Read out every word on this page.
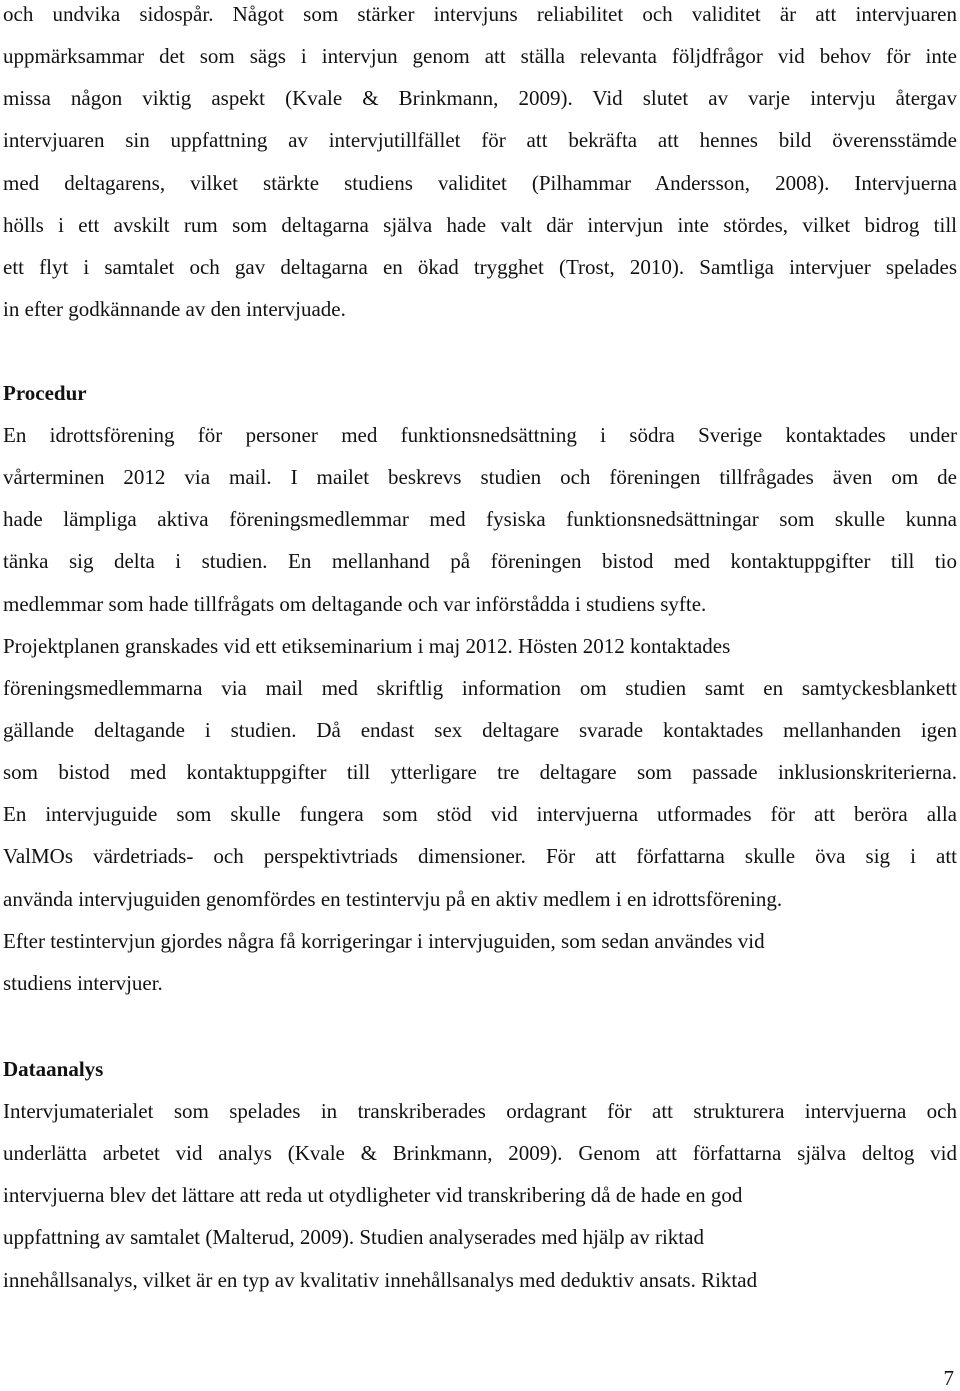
och undvika sidospår. Något som stärker intervjuns reliabilitet och validitet är att intervjuaren
uppmärksammar det som sägs i intervjun genom att ställa relevanta följdfrågor vid behov för inte
missa någon viktig aspekt (Kvale & Brinkmann, 2009). Vid slutet av varje intervju återgav
intervjuaren sin uppfattning av intervjutillfället för att bekräfta att hennes bild överensstämde
med deltagarens, vilket stärkte studiens validitet (Pilhammar Andersson, 2008). Intervjuerna
hölls i ett avskilt rum som deltagarna själva hade valt där intervjun inte stördes, vilket bidrog till
ett flyt i samtalet och gav deltagarna en ökad trygghet (Trost, 2010). Samtliga intervjuer spelades
in efter godkännande av den intervjuade.
Procedur
En idrottsförening för personer med funktionsnedsättning i södra Sverige kontaktades under
vårterminen 2012 via mail. I mailet beskrevs studien och föreningen tillfrågades även om de
hade lämpliga aktiva föreningsmedlemmar med fysiska funktionsnedsättningar som skulle kunna
tänka sig delta i studien. En mellanhand på föreningen bistod med kontaktuppgifter till tio
medlemmar som hade tillfrågats om deltagande och var införstådda i studiens syfte.
Projektplanen granskades vid ett etikseminarium i maj 2012. Hösten 2012 kontaktades
föreningsmedlemmarna via mail med skriftlig information om studien samt en samtyckesblankett
gällande deltagande i studien. Då endast sex deltagare svarade kontaktades mellanhanden igen
som bistod med kontaktuppgifter till ytterligare tre deltagare som passade inklusionskriterierna.
En intervjuguide som skulle fungera som stöd vid intervjuerna utformades för att beröra alla
ValMOs värdetriads- och perspektivtriads dimensioner. För att författarna skulle öva sig i att
använda intervjuguiden genomfördes en testintervju på en aktiv medlem i en idrottsförening.
Efter testintervjun gjordes några få korrigeringar i intervjuguiden, som sedan användes vid
studiens intervjuer.
Dataanalys
Intervjumaterialet som spelades in transkriberades ordagrant för att strukturera intervjuerna och
underlätta arbetet vid analys (Kvale & Brinkmann, 2009). Genom att författarna själva deltog vid
intervjuerna blev det lättare att reda ut otydligheter vid transkribering då de hade en god
uppfattning av samtalet (Malterud, 2009). Studien analyserades med hjälp av riktad
innehållsanalys, vilket är en typ av kvalitativ innehållsanalys med deduktiv ansats. Riktad
7
